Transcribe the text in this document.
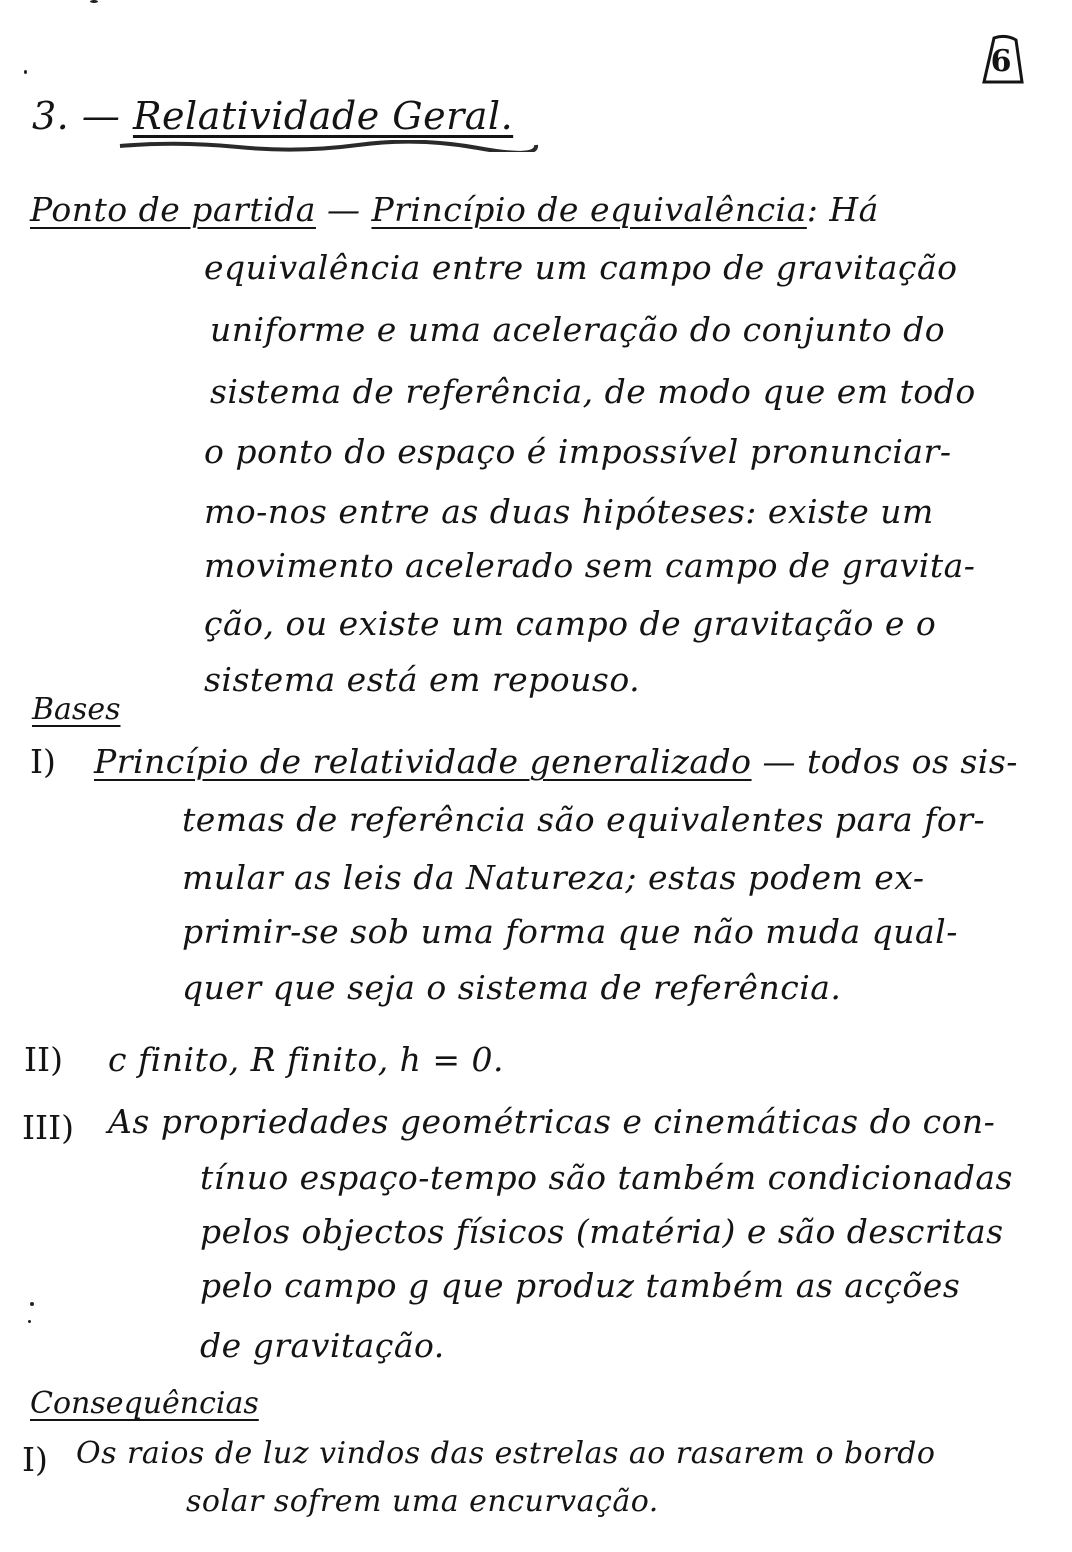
6
3. — Relatividade Geral.
Ponto de partida — Princípio de equivalência: Há
equivalência entre um campo de gravitação
uniforme e uma aceleração do conjunto do
sistema de referência, de modo que em todo
o ponto do espaço é impossível pronunciar-
mo-nos entre as duas hipóteses: existe um
movimento acelerado sem campo de gravita-
ção, ou existe um campo de gravitação e o
sistema está em repouso.
Bases
I) Princípio de relatividade generalizado — todos os sis-
temas de referência são equivalentes para for-
mular as leis da Natureza; estas podem ex-
primir-se sob uma forma que não muda qual-
quer que seja o sistema de referência.
II) c finito, R finito, h = 0.
III) As propriedades geométricas e cinemáticas do con-
tínuo espaço-tempo são também condicionadas
pelos objectos físicos (matéria) e são descritas
pelo campo g que produz também as acções
de gravitação.
Consequências
I) Os raios de luz vindos das estrelas ao rasarem o bordo
solar sofrem uma encurvação.
